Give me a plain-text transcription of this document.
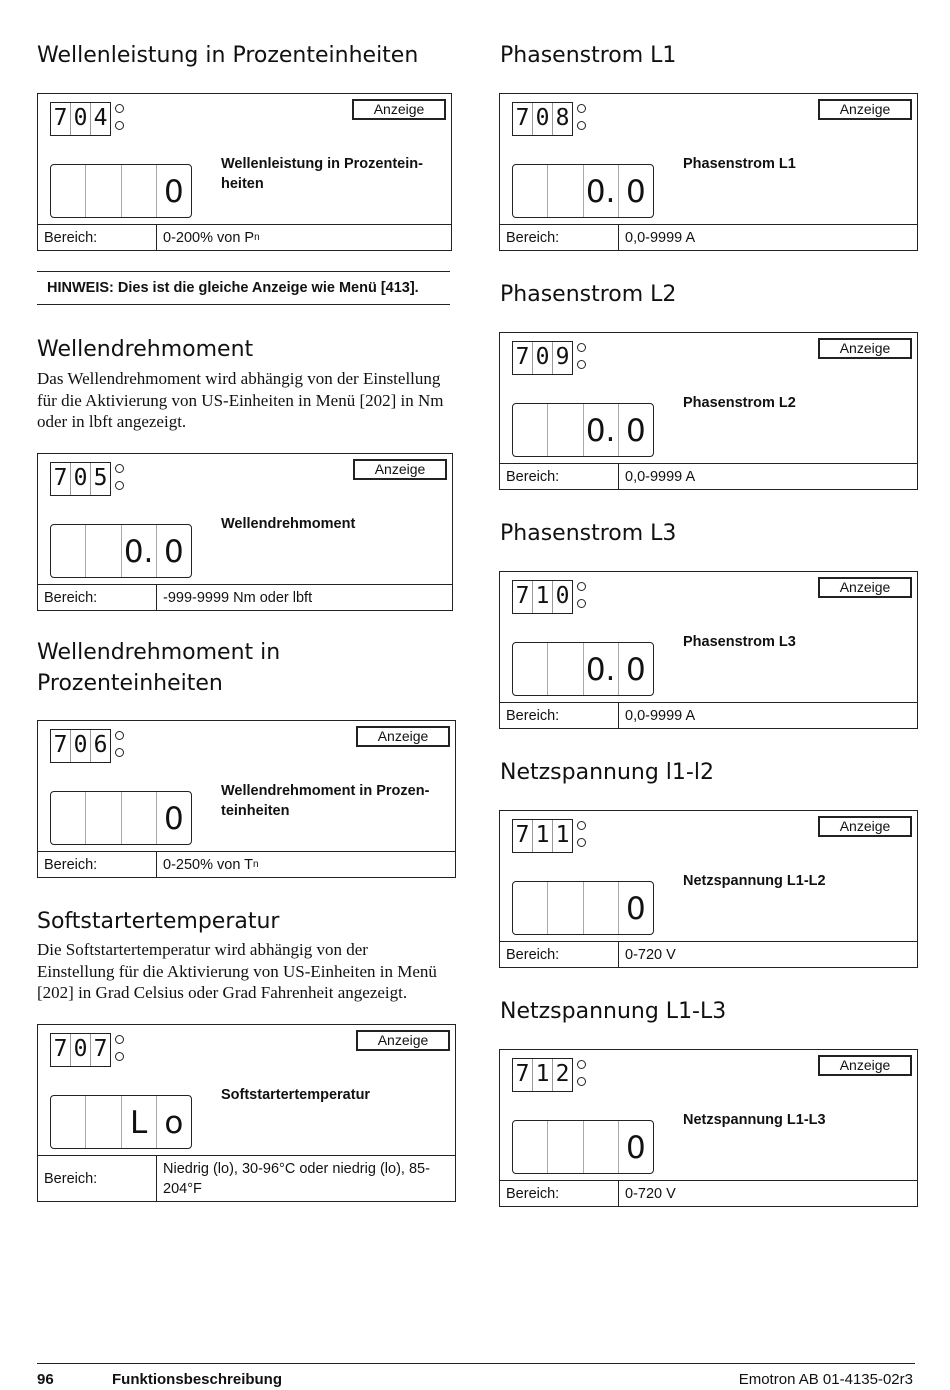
Wellenleistung in Prozenteinheiten
7 0 4	Anzeige
0
Wellenleistung in Prozentein-heiten
Bereich:	0-200% von P n
HINWEIS: Dies ist die gleiche Anzeige wie Menü [413].
Wellendrehmoment

Das Wellendrehmoment wird abhängig von der Einstellung für die Aktivierung von US-Einheiten in Menü [202] in Nm oder in lbft angezeigt.

7 0 5	Anzeige
0. 0
Wellendrehmoment
Bereich:	-999-9999 Nm oder lbft
Wellendrehmoment in Prozenteinheiten
7 0 6	Anzeige
0
Wellendrehmoment in Prozen-teinheiten
Bereich:	0-250% von T n
Softstartertemperatur

Die Softstartertemperatur wird abhängig von der Einstellung für die Aktivierung von US-Einheiten in Menü [202] in Grad Celsius oder Grad Fahrenheit angezeigt.

7 0 7	Anzeige
L o
Softstartertemperatur
Bereich:
Niedrig (lo), 30-96°C oder niedrig (lo), 85-204°F
Phasenstrom L1
7 0 8	Anzeige
0. 0
Phasenstrom L1
Bereich:	0,0-9999 A
Phasenstrom L2
7 0 9	Anzeige
0. 0
Phasenstrom L2
Bereich:	0,0-9999 A
Phasenstrom L3
7 1 0	Anzeige
0. 0
Phasenstrom L3
Bereich:	0,0-9999 A
Netzspannung l1-l2
7 1 1	Anzeige
0
Netzspannung L1-L2
Bereich:	0-720 V
Netzspannung L1-L3
7 1 2	Anzeige
0
Netzspannung L1-L3
Bereich:	0-720 V
96	Funktionsbeschreibung	Emotron AB 01-4135-02r3
